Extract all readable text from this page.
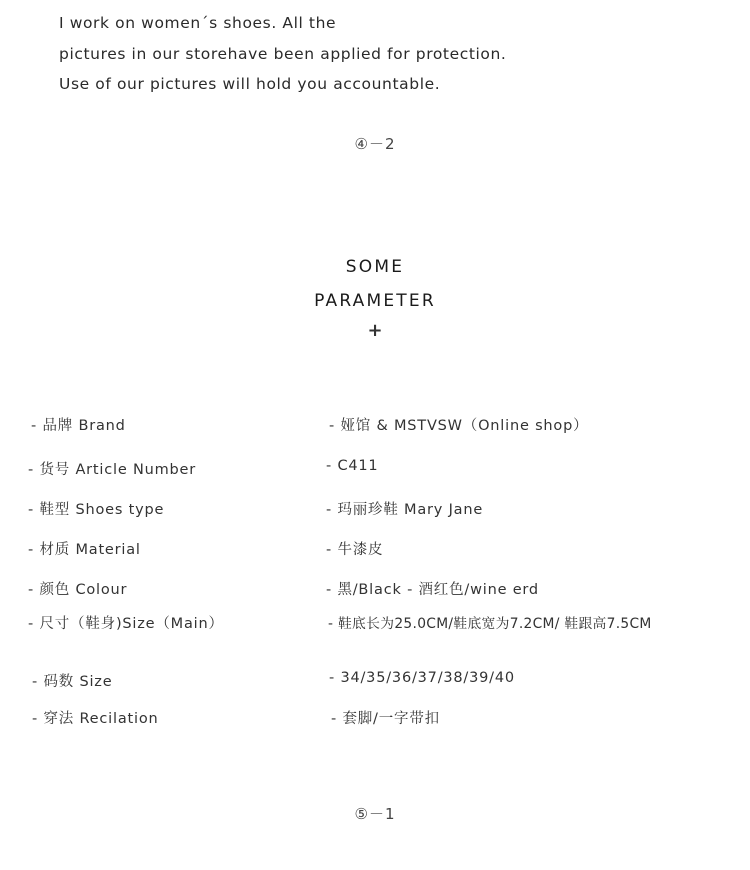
I work on women´s shoes. All the

pictures in our storehave been applied for protection.

Use of our pictures will hold you accountable.

④－2
SOME
PARAMETER
+
- 品牌 Brand	- 娅馆 & MSTVSW（Online shop）
- 货号 Article Number	- C411
- 鞋型 Shoes type	- 玛丽珍鞋 Mary Jane
- 材质 Material	- 牛漆皮
- 颜色 Colour	- 黑/Black - 酒红色/wine erd
- 尺寸（鞋身)Size（Main）	- 鞋底长为25.0CM/鞋底宽为7.2CM/ 鞋跟高7.5CM
- 码数 Size	- 34/35/36/37/38/39/40
- 穿法 Recilation	- 套脚/一字带扣
⑤－1
